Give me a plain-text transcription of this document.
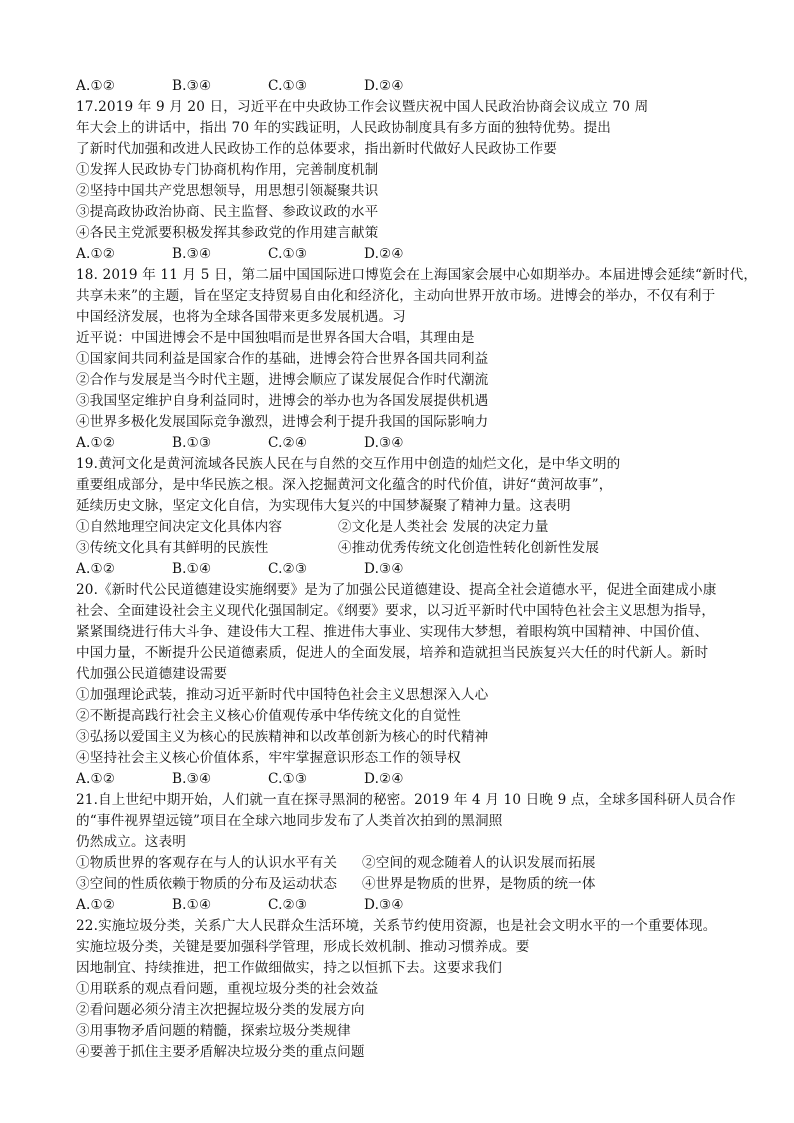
A.①②	B.③④	C.①③	D.②④
17.2019 年 9 月 20 日，习近平在中央政协工作会议暨庆祝中国人民政治协商会议成立 70 周
年大会上的讲话中，指出 70 年的实践证明，人民政协制度具有多方面的独特优势。提出
了新时代加强和改进人民政协工作的总体要求，指出新时代做好人民政协工作要
①发挥人民政协专门协商机构作用，完善制度机制
②坚持中国共产党思想领导，用思想引领凝聚共识
③提高政协政治协商、民主监督、参政议政的水平
④各民主党派要积极发挥其参政党的作用建言献策
A.①②	B.③④	C.①③	D.②④
18. 2019 年 11 月 5 日，第二届中国国际进口博览会在上海国家会展中心如期举办。本届进博会延续“新时代，
共享未来”的主题，旨在坚定支持贸易自由化和经济化，主动向世界开放市场。进博会的举办，不仅有利于
中国经济发展，也将为全球各国带来更多发展机遇。习
近平说：中国进博会不是中国独唱而是世界各国大合唱，其理由是
①国家间共同利益是国家合作的基础，进博会符合世界各国共同利益
②合作与发展是当今时代主题，进博会顺应了谋发展促合作时代潮流
③我国坚定维护自身利益同时，进博会的举办也为各国发展提供机遇
④世界多极化发展国际竞争激烈，进博会利于提升我国的国际影响力
A.①②	B.①③	C.②④	D.③④
19.黄河文化是黄河流域各民族人民在与自然的交互作用中创造的灿烂文化，是中华文明的
重要组成部分，是中华民族之根。深入挖掘黄河文化蕴含的时代价值，讲好“黄河故事”，
延续历史文脉，坚定文化自信，为实现伟大复兴的中国梦凝聚了精神力量。这表明
①自然地理空间决定文化具体内容	②文化是人类社会 发展的决定力量
③传统文化具有其鲜明的民族性	④推动优秀传统文化创造性转化创新性发展
A.①②	B.①④	C.②③	D.③④
20.《新时代公民道德建设实施纲要》是为了加强公民道德建设、提高全社会道德水平，促进全面建成小康
社会、全面建设社会主义现代化强国制定。《纲要》要求，以习近平新时代中国特色社会主义思想为指导，
紧紧围绕进行伟大斗争、建设伟大工程、推进伟大事业、实现伟大梦想，着眼构筑中国精神、中国价值、
中国力量，不断提升公民道德素质，促进人的全面发展，培养和造就担当民族复兴大任的时代新人。新时
代加强公民道德建设需要
①加强理论武装，推动习近平新时代中国特色社会主义思想深入人心
②不断提高践行社会主义核心价值观传承中华传统文化的自觉性
③弘扬以爱国主义为核心的民族精神和以改革创新为核心的时代精神
④坚持社会主义核心价值体系，牢牢掌握意识形态工作的领导权
A.①②	B.③④	C.①③	D.②④
21.自上世纪中期开始，人们就一直在探寻黑洞的秘密。2019 年 4 月 10 日晚 9 点，全球多国科研人员合作
的“事件视界望远镜”项目在全球六地同步发布了人类首次拍到的黑洞照
仍然成立。这表明
①物质世界的客观存在与人的认识水平有关 ②空间的观念随着人的认识发展而拓展
③空间的性质依赖于物质的分布及运动状态 ④世界是物质的世界，是物质的统一体
A.①②	B.①④	C.②③	D.③④
22.实施垃圾分类，关系广大人民群众生活环境，关系节约使用资源，也是社会文明水平的一个重要体现。
实施垃圾分类，关键是要加强科学管理，形成长效机制、推动习惯养成。要
因地制宜、持续推进，把工作做细做实，持之以恒抓下去。这要求我们
①用联系的观点看问题，重视垃圾分类的社会效益
②看问题必须分清主次把握垃圾分类的发展方向
③用事物矛盾问题的精髓，探索垃圾分类规律
④要善于抓住主要矛盾解决垃圾分类的重点问题
